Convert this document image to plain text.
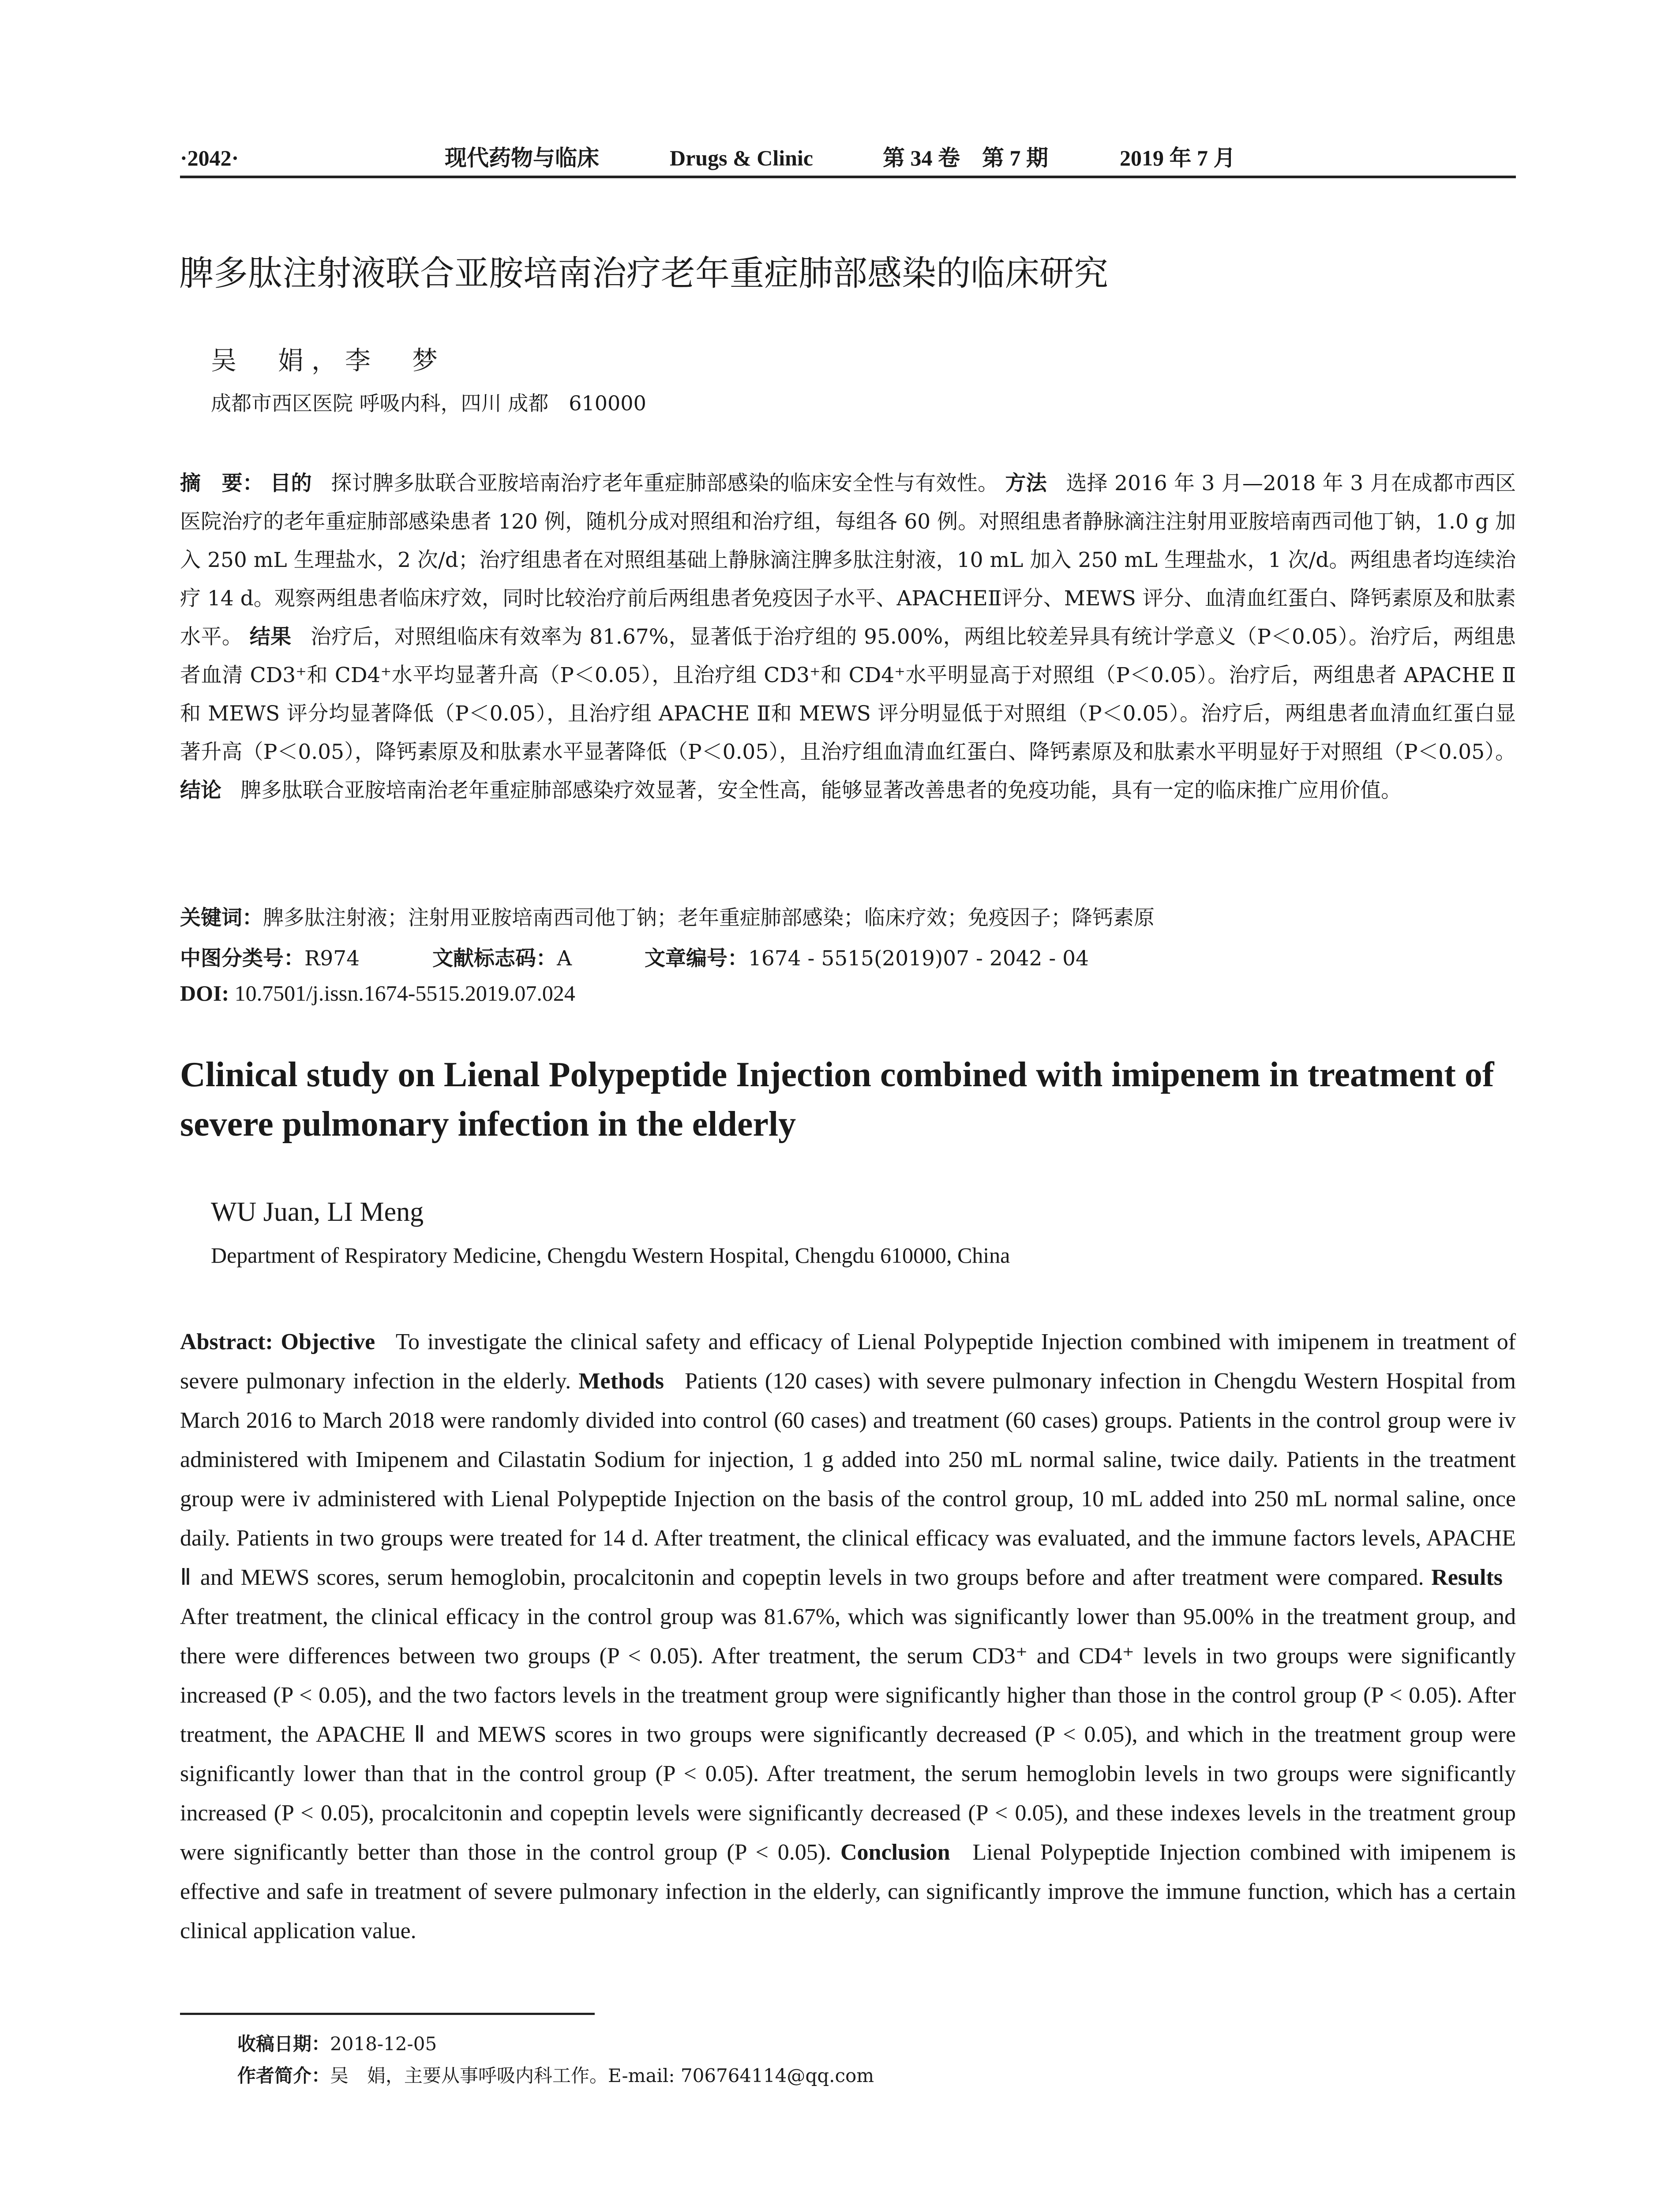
·2042·	现代药物与临床	Drugs & Clinic	第 34 卷　第 7 期	2019 年 7 月
脾多肽注射液联合亚胺培南治疗老年重症肺部感染的临床研究
吴　娟，李　梦
成都市西区医院 呼吸内科，四川 成都　610000
摘　要： 目的 探讨脾多肽联合亚胺培南治疗老年重症肺部感染的临床安全性与有效性。 方法 选择 2016 年 3 月—2018 年 3 月在成都市西区医院治疗的老年重症肺部感染患者 120 例，随机分成对照组和治疗组，每组各 60 例。对照组患者静脉滴注注射用亚胺培南西司他丁钠，1.0 g 加入 250 mL 生理盐水，2 次/d；治疗组患者在对照组基础上静脉滴注脾多肽注射液，10 mL 加入 250 mL 生理盐水，1 次/d。两组患者均连续治疗 14 d。观察两组患者临床疗效，同时比较治疗前后两组患者免疫因子水平、APACHEⅡ评分、MEWS 评分、血清血红蛋白、降钙素原及和肽素水平。 结果 治疗后，对照组临床有效率为 81.67%，显著低于治疗组的 95.00%，两组比较差异具有统计学意义（P＜0.05）。治疗后，两组患者血清 CD3⁺和 CD4⁺水平均显著升高（P＜0.05），且治疗组 CD3⁺和 CD4⁺水平明显高于对照组（P＜0.05）。治疗后，两组患者 APACHE Ⅱ和 MEWS 评分均显著降低（P＜0.05），且治疗组 APACHE Ⅱ和 MEWS 评分明显低于对照组（P＜0.05）。治疗后，两组患者血清血红蛋白显著升高（P＜0.05），降钙素原及和肽素水平显著降低（P＜0.05），且治疗组血清血红蛋白、降钙素原及和肽素水平明显好于对照组（P＜0.05）。 结论 脾多肽联合亚胺培南治老年重症肺部感染疗效显著，安全性高，能够显著改善患者的免疫功能，具有一定的临床推广应用价值。
关键词：脾多肽注射液；注射用亚胺培南西司他丁钠；老年重症肺部感染；临床疗效；免疫因子；降钙素原
中图分类号：R974	文献标志码：A	文章编号：1674 - 5515(2019)07 - 2042 - 04
DOI: 10.7501/j.issn.1674-5515.2019.07.024
Clinical study on Lienal Polypeptide Injection combined with imipenem in treatment of severe pulmonary infection in the elderly
WU Juan, LI Meng
Department of Respiratory Medicine, Chengdu Western Hospital, Chengdu 610000, China
Abstract: Objective To investigate the clinical safety and efficacy of Lienal Polypeptide Injection combined with imipenem in treatment of severe pulmonary infection in the elderly. Methods Patients (120 cases) with severe pulmonary infection in Chengdu Western Hospital from March 2016 to March 2018 were randomly divided into control (60 cases) and treatment (60 cases) groups. Patients in the control group were iv administered with Imipenem and Cilastatin Sodium for injection, 1 g added into 250 mL normal saline, twice daily. Patients in the treatment group were iv administered with Lienal Polypeptide Injection on the basis of the control group, 10 mL added into 250 mL normal saline, once daily. Patients in two groups were treated for 14 d. After treatment, the clinical efficacy was evaluated, and the immune factors levels, APACHE Ⅱ and MEWS scores, serum hemoglobin, procalcitonin and copeptin levels in two groups before and after treatment were compared. Results After treatment, the clinical efficacy in the control group was 81.67%, which was significantly lower than 95.00% in the treatment group, and there were differences between two groups (P < 0.05). After treatment, the serum CD3⁺ and CD4⁺ levels in two groups were significantly increased (P < 0.05), and the two factors levels in the treatment group were significantly higher than those in the control group (P < 0.05). After treatment, the APACHE Ⅱ and MEWS scores in two groups were significantly decreased (P < 0.05), and which in the treatment group were significantly lower than that in the control group (P < 0.05). After treatment, the serum hemoglobin levels in two groups were significantly increased (P < 0.05), procalcitonin and copeptin levels were significantly decreased (P < 0.05), and these indexes levels in the treatment group were significantly better than those in the control group (P < 0.05). Conclusion Lienal Polypeptide Injection combined with imipenem is effective and safe in treatment of severe pulmonary infection in the elderly, can significantly improve the immune function, which has a certain clinical application value.
收稿日期：2018-12-05
作者简介：吴　娟，主要从事呼吸内科工作。E-mail: 706764114@qq.com
